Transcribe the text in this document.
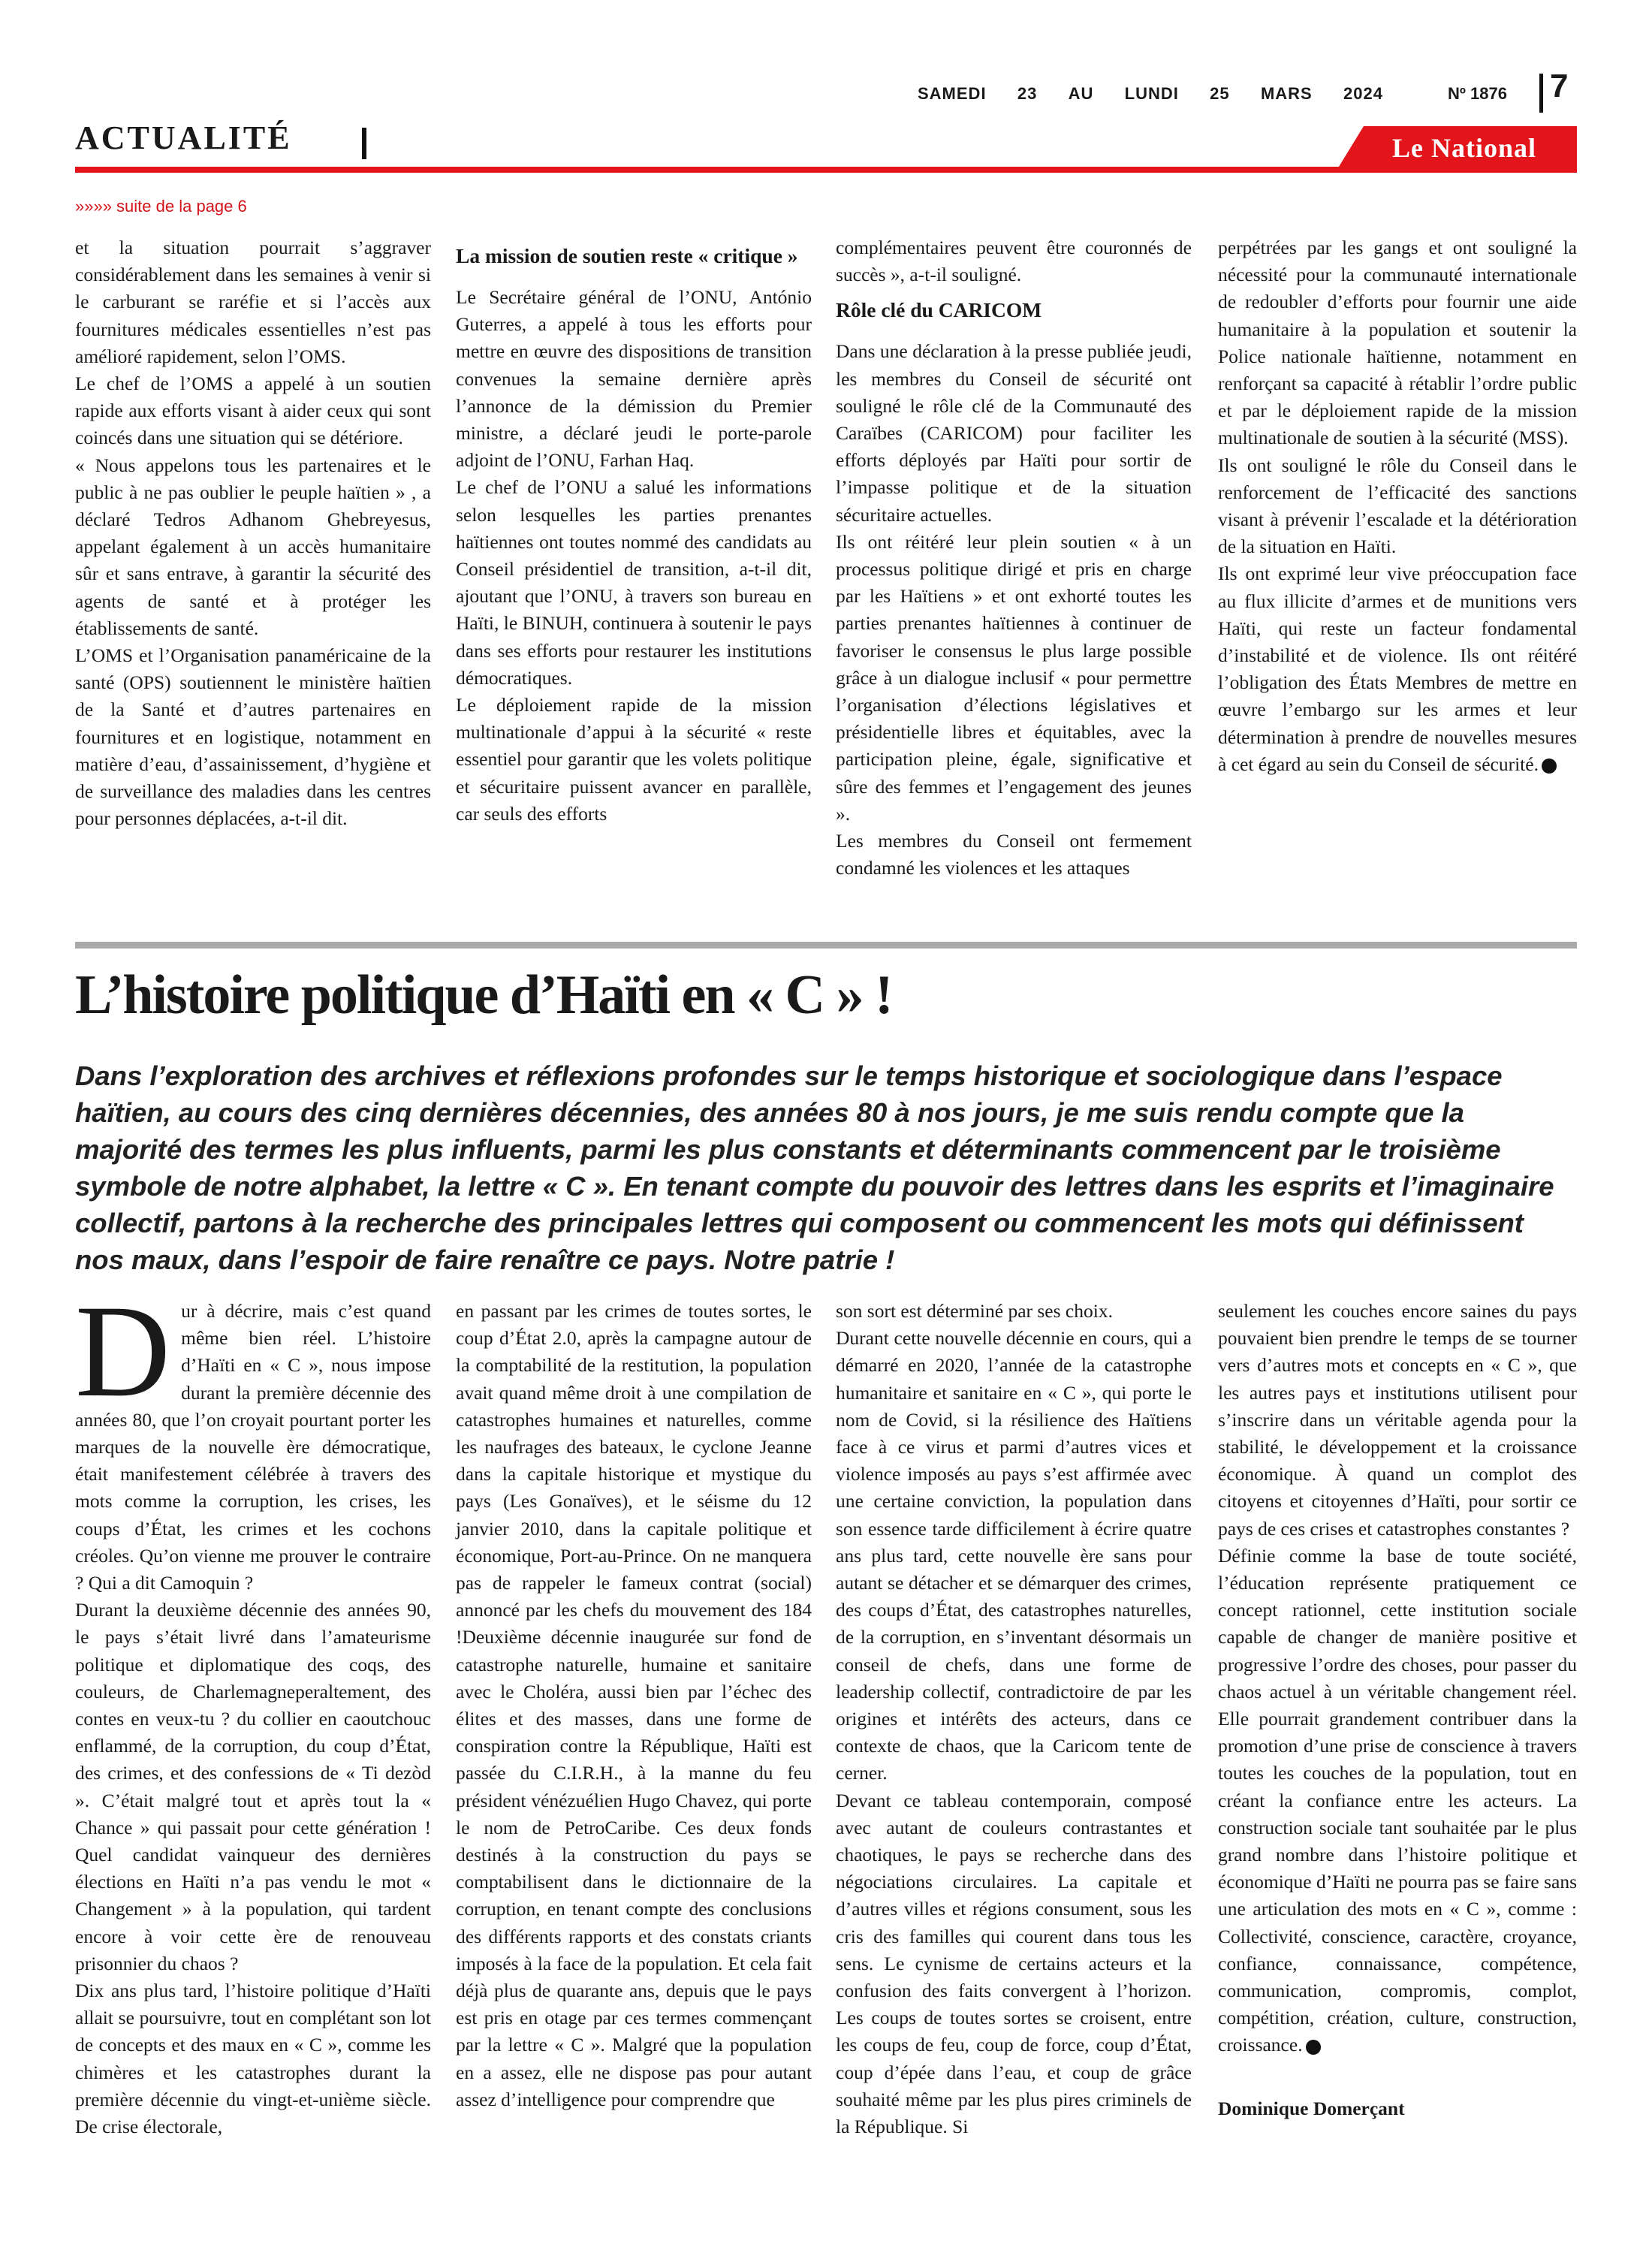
SAMEDI 23 AU LUNDI 25 MARS 2024	Nº 1876 7
ACTUALITÉ	Le National
»»»» suite de la page 6

et la situation pourrait s’aggraver considérablement dans les semaines à venir si le carburant se raréfie et si l’accès aux fournitures médicales essentielles n’est pas amélioré rapidement, selon l’OMS.

Le chef de l’OMS a appelé à un soutien rapide aux efforts visant à aider ceux qui sont coincés dans une situation qui se détériore.

« Nous appelons tous les partenaires et le public à ne pas oublier le peuple haïtien » , a déclaré Tedros Adhanom Ghebreyesus, appelant également à un accès humanitaire sûr et sans entrave, à garantir la sécurité des agents de santé et à protéger les établissements de santé.

L’OMS et l’Organisation panaméricaine de la santé (OPS) soutiennent le ministère haïtien de la Santé et d’autres partenaires en fournitures et en logistique, notamment en matière d’eau, d’assainissement, d’hygiène et de surveillance des maladies dans les centres pour personnes déplacées, a-t-il dit.

La mission de soutien reste « critique »

Le Secrétaire général de l’ONU, António Guterres, a appelé à tous les efforts pour mettre en œuvre des dispositions de transition convenues la semaine dernière après l’annonce de la démission du Premier ministre, a déclaré jeudi le porte-parole adjoint de l’ONU, Farhan Haq.

Le chef de l’ONU a salué les informations selon lesquelles les parties prenantes haïtiennes ont toutes nommé des candidats au Conseil présidentiel de transition, a-t-il dit, ajoutant que l’ONU, à travers son bureau en Haïti, le BINUH, continuera à soutenir le pays dans ses efforts pour restaurer les institutions démocratiques.

Le déploiement rapide de la mission multinationale d’appui à la sécurité « reste essentiel pour garantir que les volets politique et sécuritaire puissent avancer en parallèle, car seuls des efforts

complémentaires peuvent être couronnés de succès », a-t-il souligné.

Rôle clé du CARICOM

Dans une déclaration à la presse publiée jeudi, les membres du Conseil de sécurité ont souligné le rôle clé de la Communauté des Caraïbes (CARICOM) pour faciliter les efforts déployés par Haïti pour sortir de l’impasse politique et de la situation sécuritaire actuelles.

Ils ont réitéré leur plein soutien « à un processus politique dirigé et pris en charge par les Haïtiens » et ont exhorté toutes les parties prenantes haïtiennes à continuer de favoriser le consensus le plus large possible grâce à un dialogue inclusif « pour permettre l’organisation d’élections législatives et présidentielle libres et équitables, avec la participation pleine, égale, significative et sûre des femmes et l’engagement des jeunes ».

Les membres du Conseil ont fermement condamné les violences et les attaques

perpétrées par les gangs et ont souligné la nécessité pour la communauté internationale de redoubler d’efforts pour fournir une aide humanitaire à la population et soutenir la Police nationale haïtienne, notamment en renforçant sa capacité à rétablir l’ordre public et par le déploiement rapide de la mission multinationale de soutien à la sécurité (MSS).

Ils ont souligné le rôle du Conseil dans le renforcement de l’efficacité des sanctions visant à prévenir l’escalade et la détérioration de la situation en Haïti.

Ils ont exprimé leur vive préoccupation face au flux illicite d’armes et de munitions vers Haïti, qui reste un facteur fondamental d’instabilité et de violence. Ils ont réitéré l’obligation des États Membres de mettre en œuvre l’embargo sur les armes et leur détermination à prendre de nouvelles mesures à cet égard au sein du Conseil de sécurité.

L’histoire politique d’Haïti en « C » !
Dans l’exploration des archives et réflexions profondes sur le temps historique et sociologique dans l’espace haïtien, au cours des cinq dernières décennies, des années 80 à nos jours, je me suis rendu compte que la majorité des termes les plus influents, parmi les plus constants et déterminants commencent par le troisième symbole de notre alphabet, la lettre « C ». En tenant compte du pouvoir des lettres dans les esprits et l’imaginaire collectif, partons à la recherche des principales lettres qui composent ou commencent les mots qui définissent nos maux, dans l’espoir de faire renaître ce pays. Notre patrie !

Dur à décrire, mais c’est quand même bien réel. L’histoire d’Haïti en « C », nous impose durant la première décennie des années 80, que l’on croyait pourtant porter les marques de la nouvelle ère démocratique, était manifestement célébrée à travers des mots comme la corruption, les crises, les coups d’État, les crimes et les cochons créoles. Qu’on vienne me prouver le contraire ? Qui a dit Camoquin ?

Durant la deuxième décennie des années 90, le pays s’était livré dans l’amateurisme politique et diplomatique des coqs, des couleurs, de Charlemagneperaltement, des contes en veux-tu ? du collier en caoutchouc enflammé, de la corruption, du coup d’État, des crimes, et des confessions de « Ti dezòd ». C’était malgré tout et après tout la « Chance » qui passait pour cette génération ! Quel candidat vainqueur des dernières élections en Haïti n’a pas vendu le mot « Changement » à la population, qui tardent encore à voir cette ère de renouveau prisonnier du chaos ?

Dix ans plus tard, l’histoire politique d’Haïti allait se poursuivre, tout en complétant son lot de concepts et des maux en « C », comme les chimères et les catastrophes durant la première décennie du vingt-et-unième siècle. De crise électorale,

en passant par les crimes de toutes sortes, le coup d’État 2.0, après la campagne autour de la comptabilité de la restitution, la population avait quand même droit à une compilation de catastrophes humaines et naturelles, comme les naufrages des bateaux, le cyclone Jeanne dans la capitale historique et mystique du pays (Les Gonaïves), et le séisme du 12 janvier 2010, dans la capitale politique et économique, Port-au-Prince. On ne manquera pas de rappeler le fameux contrat (social) annoncé par les chefs du mouvement des 184 !Deuxième décennie inaugurée sur fond de catastrophe naturelle, humaine et sanitaire avec le Choléra, aussi bien par l’échec des élites et des masses, dans une forme de conspiration contre la République, Haïti est passée du C.I.R.H., à la manne du feu président vénézuélien Hugo Chavez, qui porte le nom de PetroCaribe. Ces deux fonds destinés à la construction du pays se comptabilisent dans le dictionnaire de la corruption, en tenant compte des conclusions des différents rapports et des constats criants imposés à la face de la population. Et cela fait déjà plus de quarante ans, depuis que le pays est pris en otage par ces termes commençant par la lettre « C ». Malgré que la population en a assez, elle ne dispose pas pour autant assez d’intelligence pour comprendre que

son sort est déterminé par ses choix.

Durant cette nouvelle décennie en cours, qui a démarré en 2020, l’année de la catastrophe humanitaire et sanitaire en « C », qui porte le nom de Covid, si la résilience des Haïtiens face à ce virus et parmi d’autres vices et violence imposés au pays s’est affirmée avec une certaine conviction, la population dans son essence tarde difficilement à écrire quatre ans plus tard, cette nouvelle ère sans pour autant se détacher et se démarquer des crimes, des coups d’État, des catastrophes naturelles, de la corruption, en s’inventant désormais un conseil de chefs, dans une forme de leadership collectif, contradictoire de par les origines et intérêts des acteurs, dans ce contexte de chaos, que la Caricom tente de cerner.

Devant ce tableau contemporain, composé avec autant de couleurs contrastantes et chaotiques, le pays se recherche dans des négociations circulaires. La capitale et d’autres villes et régions consument, sous les cris des familles qui courent dans tous les sens. Le cynisme de certains acteurs et la confusion des faits convergent à l’horizon. Les coups de toutes sortes se croisent, entre les coups de feu, coup de force, coup d’État, coup d’épée dans l’eau, et coup de grâce souhaité même par les plus pires criminels de la République. Si

seulement les couches encore saines du pays pouvaient bien prendre le temps de se tourner vers d’autres mots et concepts en « C », que les autres pays et institutions utilisent pour s’inscrire dans un véritable agenda pour la stabilité, le développement et la croissance économique. À quand un complot des citoyens et citoyennes d’Haïti, pour sortir ce pays de ces crises et catastrophes constantes ?

Définie comme la base de toute société, l’éducation représente pratiquement ce concept rationnel, cette institution sociale capable de changer de manière positive et progressive l’ordre des choses, pour passer du chaos actuel à un véritable changement réel. Elle pourrait grandement contribuer dans la promotion d’une prise de conscience à travers toutes les couches de la population, tout en créant la confiance entre les acteurs. La construction sociale tant souhaitée par le plus grand nombre dans l’histoire politique et économique d’Haïti ne pourra pas se faire sans une articulation des mots en « C », comme : Collectivité, conscience, caractère, croyance, confiance, connaissance, compétence, communication, compromis, complot, compétition, création, culture, construction, croissance.

Dominique Domerçant
